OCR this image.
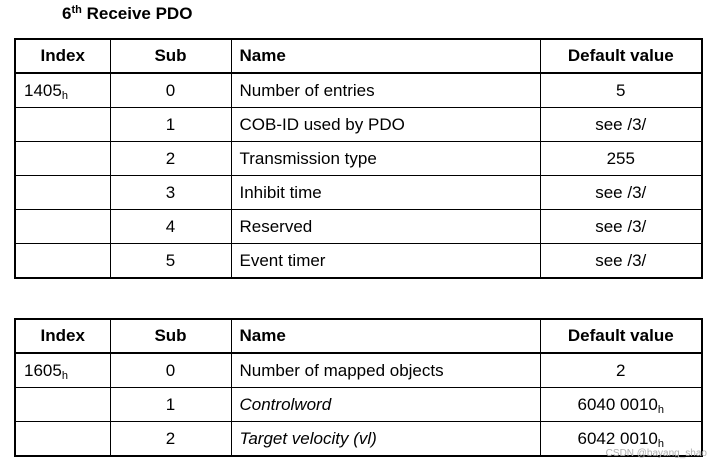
6th Receive PDO
Index	Sub	Name	Default value
$1405_h$	0	Number of entries	5
	1	COB-ID used by PDO	see /3/
	2	Transmission type	255
	3	Inhibit time	see /3/
	4	Reserved	see /3/
	5	Event timer	see /3/
Index	Sub	Name	Default value
$1605_h$	0	Number of mapped objects	2
	1	Controlword	6040 $0010_h$
	2	Target velocity (vl)	6042 $0010_h$
CSDN @bayang_shao
